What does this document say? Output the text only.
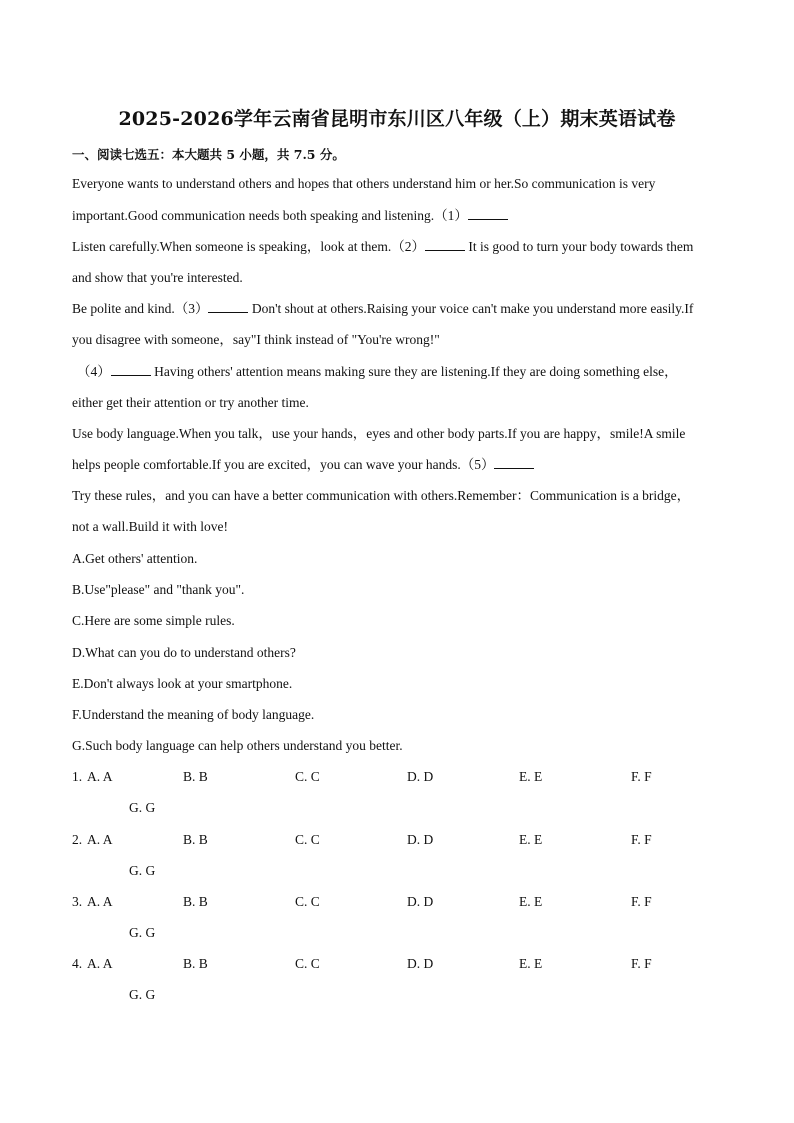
2025-2026学年云南省昆明市东川区八年级（上）期末英语试卷
一、阅读七选五：本大题共 5 小题，共 7.5 分。
Everyone wants to understand others and hopes that others understand him or her.So communication is very
important.Good communication needs both speaking and listening.（1）
Listen carefully.When someone is speaking，look at them.（2）	It is good to turn your body towards them
and show that you're interested.
Be polite and kind.（3）	Don't shout at others.Raising your voice can't make you understand more easily.If
you disagree with someone，say"I think instead of "You're wrong!"
（4）	Having others' attention means making sure they are listening.If they are doing something else，
either get their attention or try another time.
Use body language.When you talk，use your hands，eyes and other body parts.If you are happy，smile!A smile
helps people comfortable.If you are excited，you can wave your hands.（5）
Try these rules，and you can have a better communication with others.Remember：Communication is a bridge，
not a wall.Build it with love!
A.Get others' attention.
B.Use"please" and "thank you".
C.Here are some simple rules.
D.What can you do to understand others?
E.Don't always look at your smartphone.
F.Understand the meaning of body language.
G.Such body language can help others understand you better.
1. A. A	B. B	C. C	D. D	E. E	F. F
G. G
2. A. A	B. B	C. C	D. D	E. E	F. F
G. G
3. A. A	B. B	C. C	D. D	E. E	F. F
G. G
4. A. A	B. B	C. C	D. D	E. E	F. F
G. G
